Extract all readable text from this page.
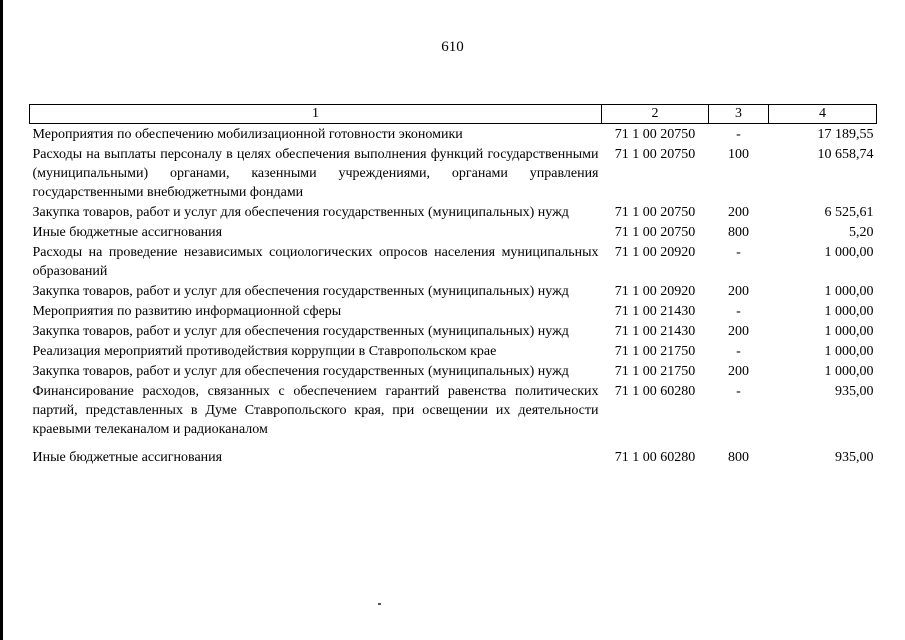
610
1	2	3	4
Мероприятия по обеспечению мобилизационной готовности экономики	71 1 00 20750	-	17 189,55
Расходы на выплаты персоналу в целях обеспечения выполнения функций государственными (муниципальными) органами, казенными учреждениями, органами управления государственными внебюджетными фондами	71 1 00 20750	100	10 658,74
Закупка товаров, работ и услуг для обеспечения государственных (муниципальных) нужд	71 1 00 20750	200	6 525,61
Иные бюджетные ассигнования	71 1 00 20750	800	5,20
Расходы на проведение независимых социологических опросов населения муниципальных образований	71 1 00 20920	-	1 000,00
Закупка товаров, работ и услуг для обеспечения государственных (муниципальных) нужд	71 1 00 20920	200	1 000,00
Мероприятия по развитию информационной сферы	71 1 00 21430	-	1 000,00
Закупка товаров, работ и услуг для обеспечения государственных (муниципальных) нужд	71 1 00 21430	200	1 000,00
Реализация мероприятий противодействия коррупции в Ставропольском крае	71 1 00 21750	-	1 000,00
Закупка товаров, работ и услуг для обеспечения государственных (муниципальных) нужд	71 1 00 21750	200	1 000,00
Финансирование расходов, связанных с обеспечением гарантий равенства политических партий, представленных в Думе Ставропольского края, при освещении их деятельности краевыми телеканалом и радиоканалом	71 1 00 60280	-	935,00
Иные бюджетные ассигнования	71 1 00 60280	800	935,00
